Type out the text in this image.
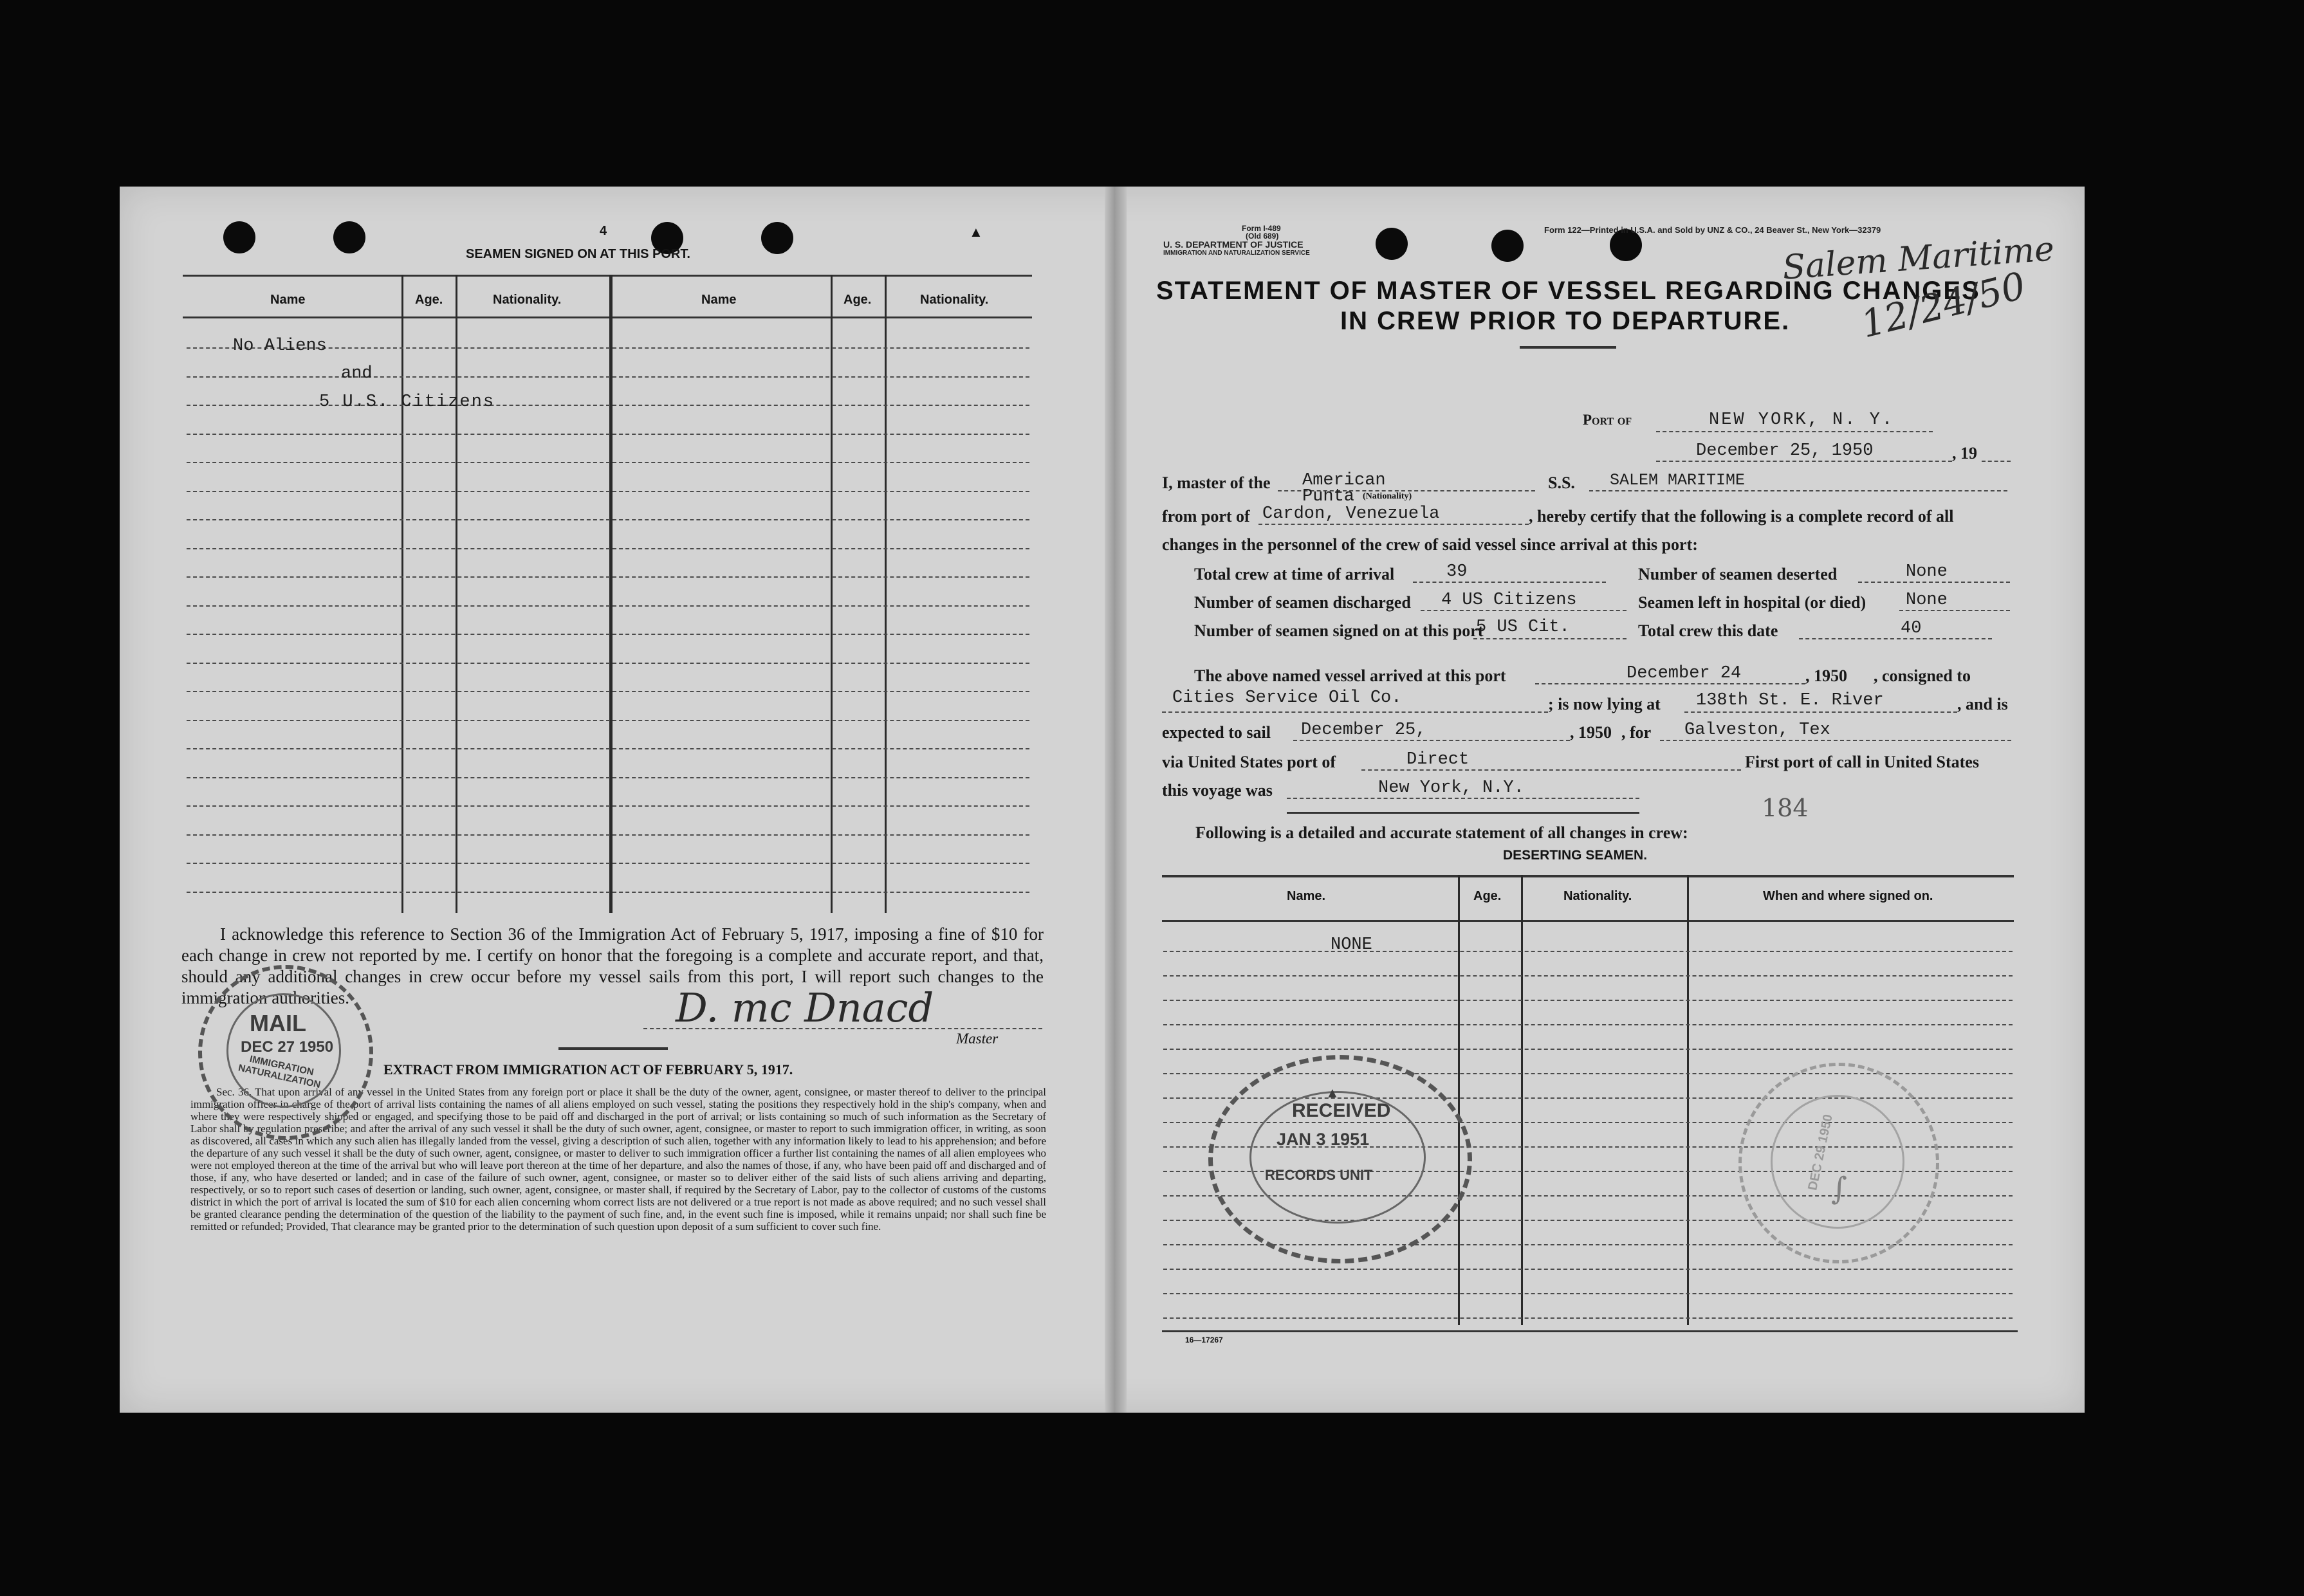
4
SEAMEN SIGNED ON AT THIS PORT.
▲
Name	Age.	Nationality.	Name	Age.	Nationality.
No Aliens
and
5 U.S. Citizens
I acknowledge this reference to Section 36 of the Immigration Act of February 5, 1917, imposing a fine of $10 for each change in crew not reported by me. I certify on honor that the foregoing is a complete and accurate report, and that, should any additional changes in crew occur before my vessel sails from this port, I will report such changes to the immigration authorities.	D. mc Dnacd
Master
EXTRACT FROM IMMIGRATION ACT OF FEBRUARY 5, 1917.
Sec. 36. That upon arrival of any vessel in the United States from any foreign port or place it shall be the duty of the owner, agent, consignee, or master thereof to deliver to the principal immigration officer in charge of the port of arrival lists containing the names of all aliens employed on such vessel, stating the positions they respectively hold in the ship's company, when and where they were respectively shipped or engaged, and specifying those to be paid off and discharged in the port of arrival; or lists containing so much of such information as the Secretary of Labor shall by regulation prescribe; and after the arrival of any such vessel it shall be the duty of such owner, agent, consignee, or master to report to such immigration officer, in writing, as soon as discovered, all cases in which any such alien has illegally landed from the vessel, giving a description of such alien, together with any information likely to lead to his apprehension; and before the departure of any such vessel it shall be the duty of such owner, agent, consignee, or master to deliver to such immigration officer a further list containing the names of all alien employees who were not employed thereon at the time of the arrival but who will leave port thereon at the time of her departure, and also the names of those, if any, who have been paid off and discharged and of those, if any, who have deserted or landed; and in case of the failure of such owner, agent, consignee, or master so to deliver either of the said lists of such aliens arriving and departing, respectively, or so to report such cases of desertion or landing, such owner, agent, consignee, or master shall, if required by the Secretary of Labor, pay to the collector of customs of the customs district in which the port of arrival is located the sum of $10 for each alien concerning whom correct lists are not delivered or a true report is not made as above required; and no such vessel shall be granted clearance pending the determination of the question of the liability to the payment of such fine, and, in the event such fine is imposed, while it remains unpaid; nor shall such fine be remitted or refunded; Provided, That clearance may be granted prior to the determination of such question upon deposit of a sum sufficient to cover such fine.
MAIL
DEC 27 1950
IMMIGRATION NATURALIZATION
Form I-489
(Old 689)
U. S. DEPARTMENT OF JUSTICE
IMMIGRATION AND NATURALIZATION SERVICE
Form 122—Printed in U.S.A. and Sold by UNZ & CO., 24 Beaver St., New York—32379
STATEMENT OF MASTER OF VESSEL REGARDING CHANGES
IN CREW PRIOR TO DEPARTURE.
Salem Maritime
12/24/50
Port of	NEW YORK, N. Y.
December 25, 1950	, 19
I, master of the American
(Nationality)
S.S. SALEM MARITIME
Punta
from port of Cardon, Venezuela	, hereby certify that the following is a complete record of all
changes in the personnel of the crew of said vessel since arrival at this port:
Total crew at time of arrival	39	Number of seamen deserted	None
Number of seamen discharged 4 US Citizens	Seamen left in hospital (or died) None
Number of seamen signed on at this port
5 US Cit.	Total crew this date	40
The above named vessel arrived at this port	December 24	, 1950 , consigned to
Cities Service Oil Co.	; is now lying at 138th St. E. River	, and is
expected to sail December 25,	, 1950 , for Galveston, Tex
via United States port of	Direct	First port of call in United States
this voyage was	New York, N.Y.
184
Following is a detailed and accurate statement of all changes in crew:
DESERTING SEAMEN.
Name.	Age.	Nationality.	When and where signed on.
NONE
16—17267
▲
RECEIVED
JAN 3 1951
RECORDS UNIT	DEC 29 1950
∫
